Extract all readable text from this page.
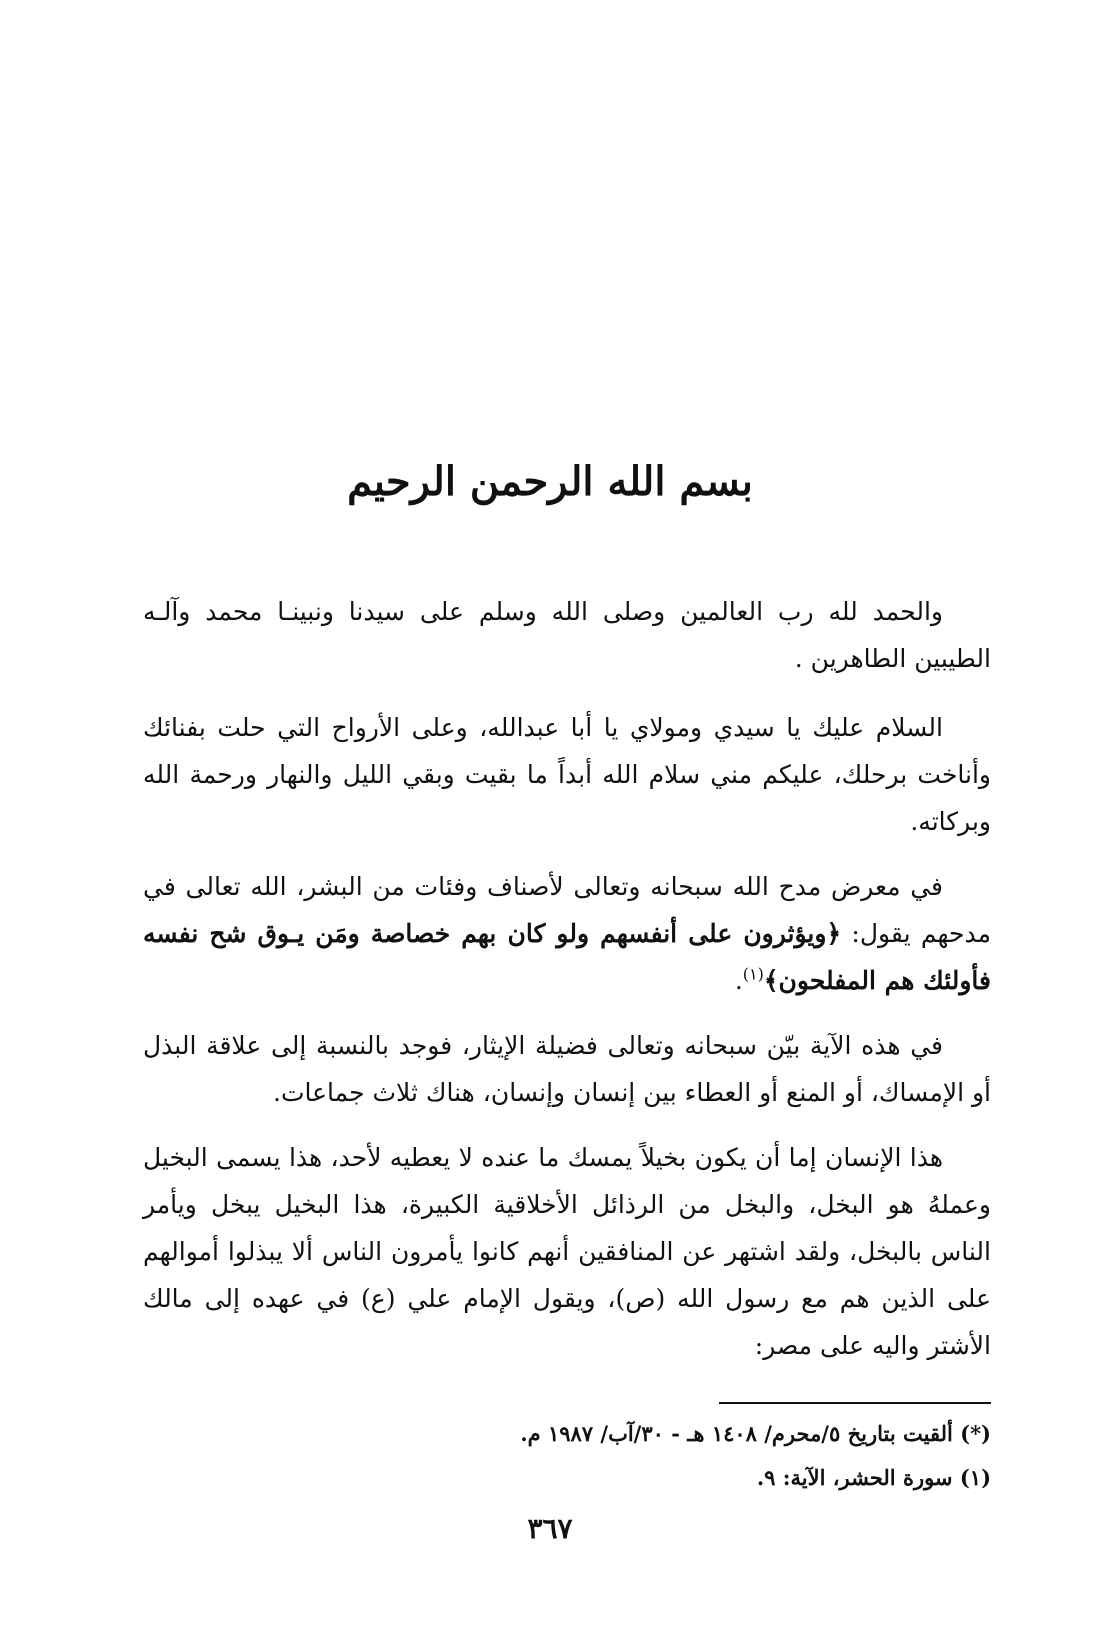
بسم الله الرحمن الرحيم

والحمد لله رب العالمين وصلى الله وسلم على سيدنا ونبينـا محمد وآلـه الطيبين الطاهرين .

السلام عليك يا سيدي ومولاي يا أبا عبدالله، وعلى الأرواح التي حلت بفنائك وأناخت برحلك، عليكم مني سلام الله أبداً ما بقيت وبقي الليل والنهار ورحمة الله وبركاته.

في معرض مدح الله سبحانه وتعالى لأصناف وفئات من البشر، الله تعالى في مدحهم يقول: ﴿ويؤثرون على أنفسهم ولو كان بهم خصاصة ومَن يـوق شح نفسه فأولئك هم المفلحون﴾$^{(١)}$.

في هذه الآية بيّن سبحانه وتعالى فضيلة الإيثار، فوجد بالنسبة إلى علاقة البذل أو الإمساك، أو المنع أو العطاء بين إنسان وإنسان، هناك ثلاث جماعات.

هذا الإنسان إما أن يكون بخيلاً يمسك ما عنده لا يعطيه لأحد، هذا يسمى البخيل وعملهُ هو البخل، والبخل من الرذائل الأخلاقية الكبيرة، هذا البخيل يبخل ويأمر الناس بالبخل، ولقد اشتهر عن المنافقين أنهم كانوا يأمرون الناس ألا يبذلوا أموالهم على الذين هم مع رسول الله (ص)، ويقول الإمام علي (ع) في عهده إلى مالك الأشتر واليه على مصر:

(*) ألقيت بتاريخ ٥/محرم/ ١٤٠٨ هـ - ٣٠/آب/ ١٩٨٧ م.

(١) سورة الحشر، الآية: ٩.

٣٦٧
